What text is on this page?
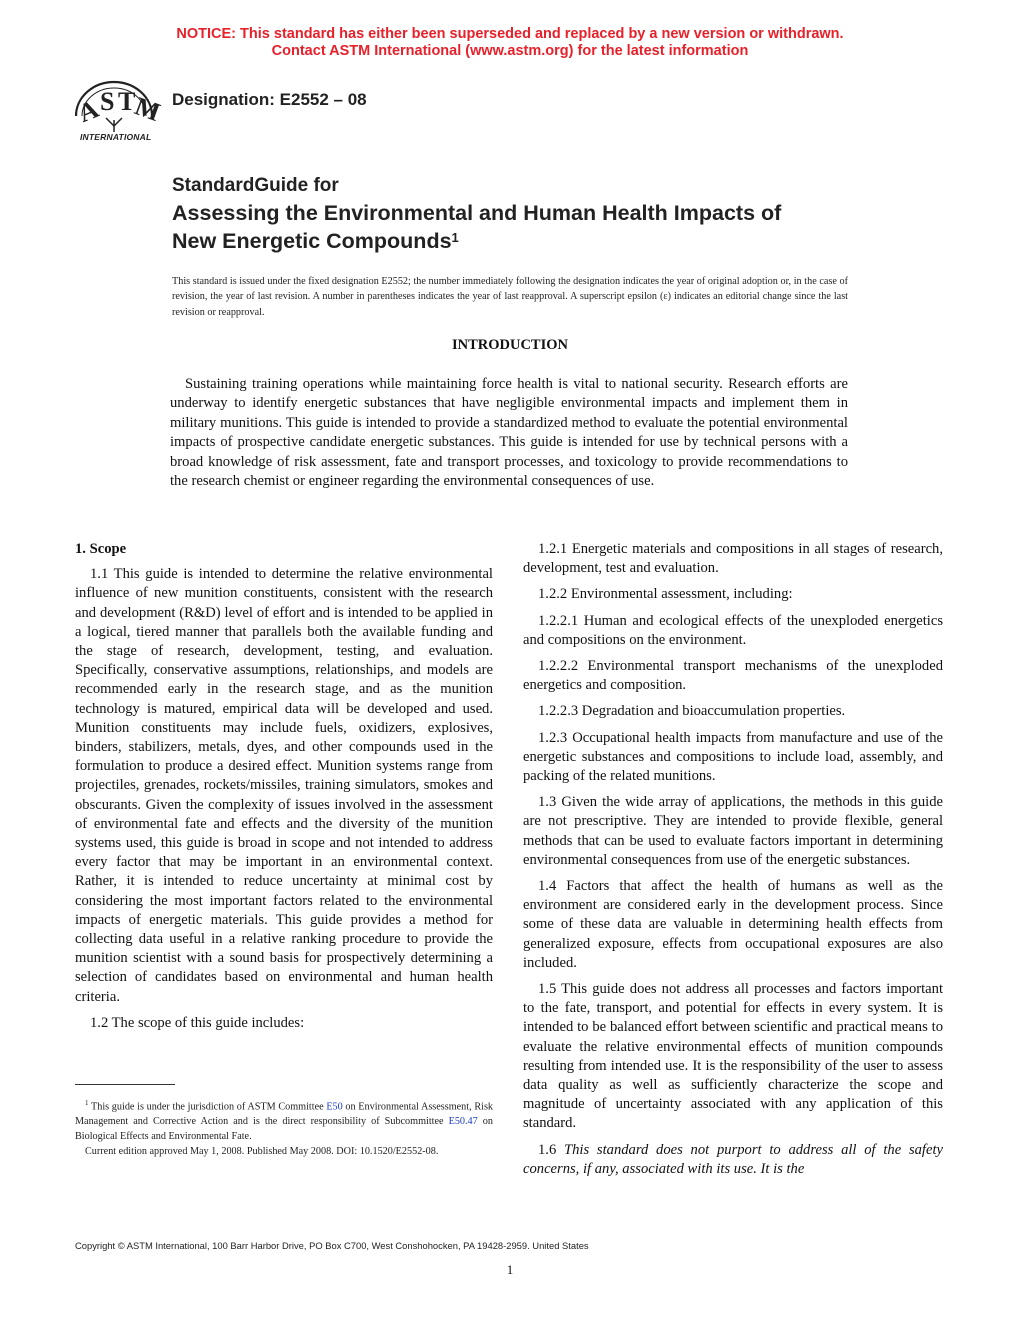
NOTICE: This standard has either been superseded and replaced by a new version or withdrawn.
Contact ASTM International (www.astm.org) for the latest information
A
S T
M
INTERNATIONAL
Designation: E2552 – 08
StandardGuide for
Assessing the Environmental and Human Health Impacts of
New Energetic Compounds$^1$
This standard is issued under the fixed designation E2552; the number immediately following the designation indicates the year of original adoption or, in the case of revision, the year of last revision. A number in parentheses indicates the year of last reapproval. A superscript epsilon (ε) indicates an editorial change since the last revision or reapproval.
INTRODUCTION
Sustaining training operations while maintaining force health is vital to national security. Research efforts are underway to identify energetic substances that have negligible environmental impacts and implement them in military munitions. This guide is intended to provide a standardized method to evaluate the potential environmental impacts of prospective candidate energetic substances. This guide is intended for use by technical persons with a broad knowledge of risk assessment, fate and transport processes, and toxicology to provide recommendations to the research chemist or engineer regarding the environmental consequences of use.

1. Scope

1.1 This guide is intended to determine the relative environmental influence of new munition constituents, consistent with the research and development (R&D) level of effort and is intended to be applied in a logical, tiered manner that parallels both the available funding and the stage of research, development, testing, and evaluation. Specifically, conservative assumptions, relationships, and models are recommended early in the research stage, and as the munition technology is matured, empirical data will be developed and used. Munition constituents may include fuels, oxidizers, explosives, binders, stabilizers, metals, dyes, and other compounds used in the formulation to produce a desired effect. Munition systems range from projectiles, grenades, rockets/missiles, training simulators, smokes and obscurants. Given the complexity of issues involved in the assessment of environmental fate and effects and the diversity of the munition systems used, this guide is broad in scope and not intended to address every factor that may be important in an environmental context. Rather, it is intended to reduce uncertainty at minimal cost by considering the most important factors related to the environmental impacts of energetic materials. This guide provides a method for collecting data useful in a relative ranking procedure to provide the munition scientist with a sound basis for prospectively determining a selection of candidates based on environmental and human health criteria.

1.2 The scope of this guide includes:

1.2.1 Energetic materials and compositions in all stages of research, development, test and evaluation.

1.2.2 Environmental assessment, including:

1.2.2.1 Human and ecological effects of the unexploded energetics and compositions on the environment.

1.2.2.2 Environmental transport mechanisms of the unexploded energetics and composition.

1.2.2.3 Degradation and bioaccumulation properties.

1.2.3 Occupational health impacts from manufacture and use of the energetic substances and compositions to include load, assembly, and packing of the related munitions.

1.3 Given the wide array of applications, the methods in this guide are not prescriptive. They are intended to provide flexible, general methods that can be used to evaluate factors important in determining environmental consequences from use of the energetic substances.

1.4 Factors that affect the health of humans as well as the environment are considered early in the development process. Since some of these data are valuable in determining health effects from generalized exposure, effects from occupational exposures are also included.

1.5 This guide does not address all processes and factors important to the fate, transport, and potential for effects in every system. It is intended to be balanced effort between scientific and practical means to evaluate the relative environmental effects of munition compounds resulting from intended use. It is the responsibility of the user to assess data quality as well as sufficiently characterize the scope and magnitude of uncertainty associated with any application of this standard.

1.6 This standard does not purport to address all of the safety concerns, if any, associated with its use. It is the

$^1$ This guide is under the jurisdiction of ASTM Committee E50 on Environmental Assessment, Risk Management and Corrective Action and is the direct responsibility of Subcommittee E50.47 on Biological Effects and Environmental Fate.

Current edition approved May 1, 2008. Published May 2008. DOI: 10.1520/E2552-08.

Copyright © ASTM International, 100 Barr Harbor Drive, PO Box C700, West Conshohocken, PA 19428-2959. United States
1
